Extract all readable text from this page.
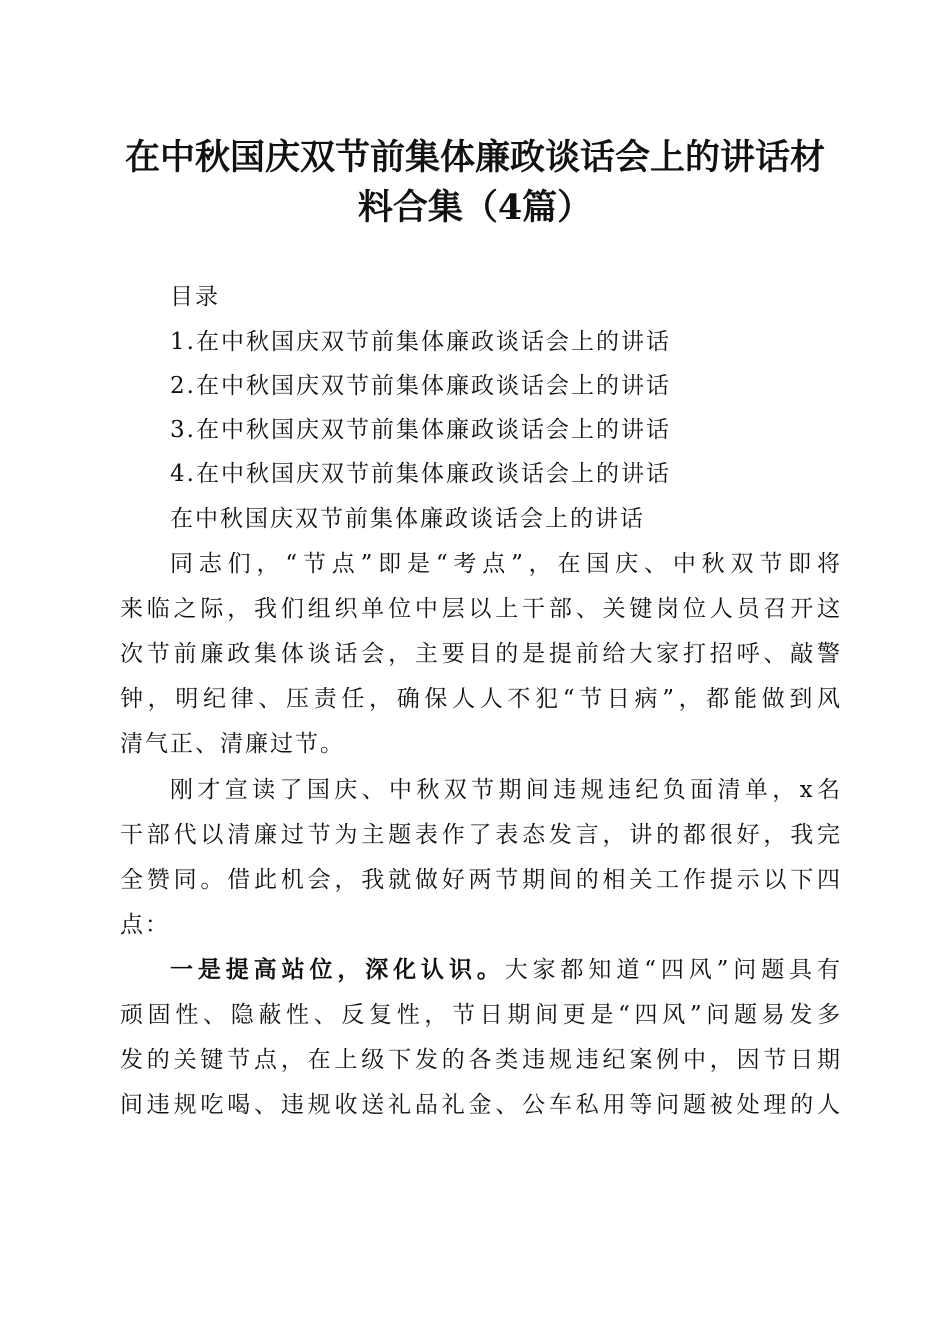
在中秋国庆双节前集体廉政谈话会上的讲话材
料合集（4篇）
目录
1.在中秋国庆双节前集体廉政谈话会上的讲话
2.在中秋国庆双节前集体廉政谈话会上的讲话
3.在中秋国庆双节前集体廉政谈话会上的讲话
4.在中秋国庆双节前集体廉政谈话会上的讲话
在中秋国庆双节前集体廉政谈话会上的讲话
同志们，“节点”即是“考点”，在国庆、中秋双节即将
来临之际，我们组织单位中层以上干部、关键岗位人员召开这
次节前廉政集体谈话会，主要目的是提前给大家打招呼、敲警
钟，明纪律、压责任，确保人人不犯“节日病”，都能做到风
清气正、清廉过节。
刚才宣读了国庆、中秋双节期间违规违纪负面清单，x名
干部代以清廉过节为主题表作了表态发言，讲的都很好，我完
全赞同。借此机会，我就做好两节期间的相关工作提示以下四
点：
一是提高站位，深化认识。大家都知道“四风”问题具有
顽固性、隐蔽性、反复性，节日期间更是“四风”问题易发多
发的关键节点，在上级下发的各类违规违纪案例中，因节日期
间违规吃喝、违规收送礼品礼金、公车私用等问题被处理的人
